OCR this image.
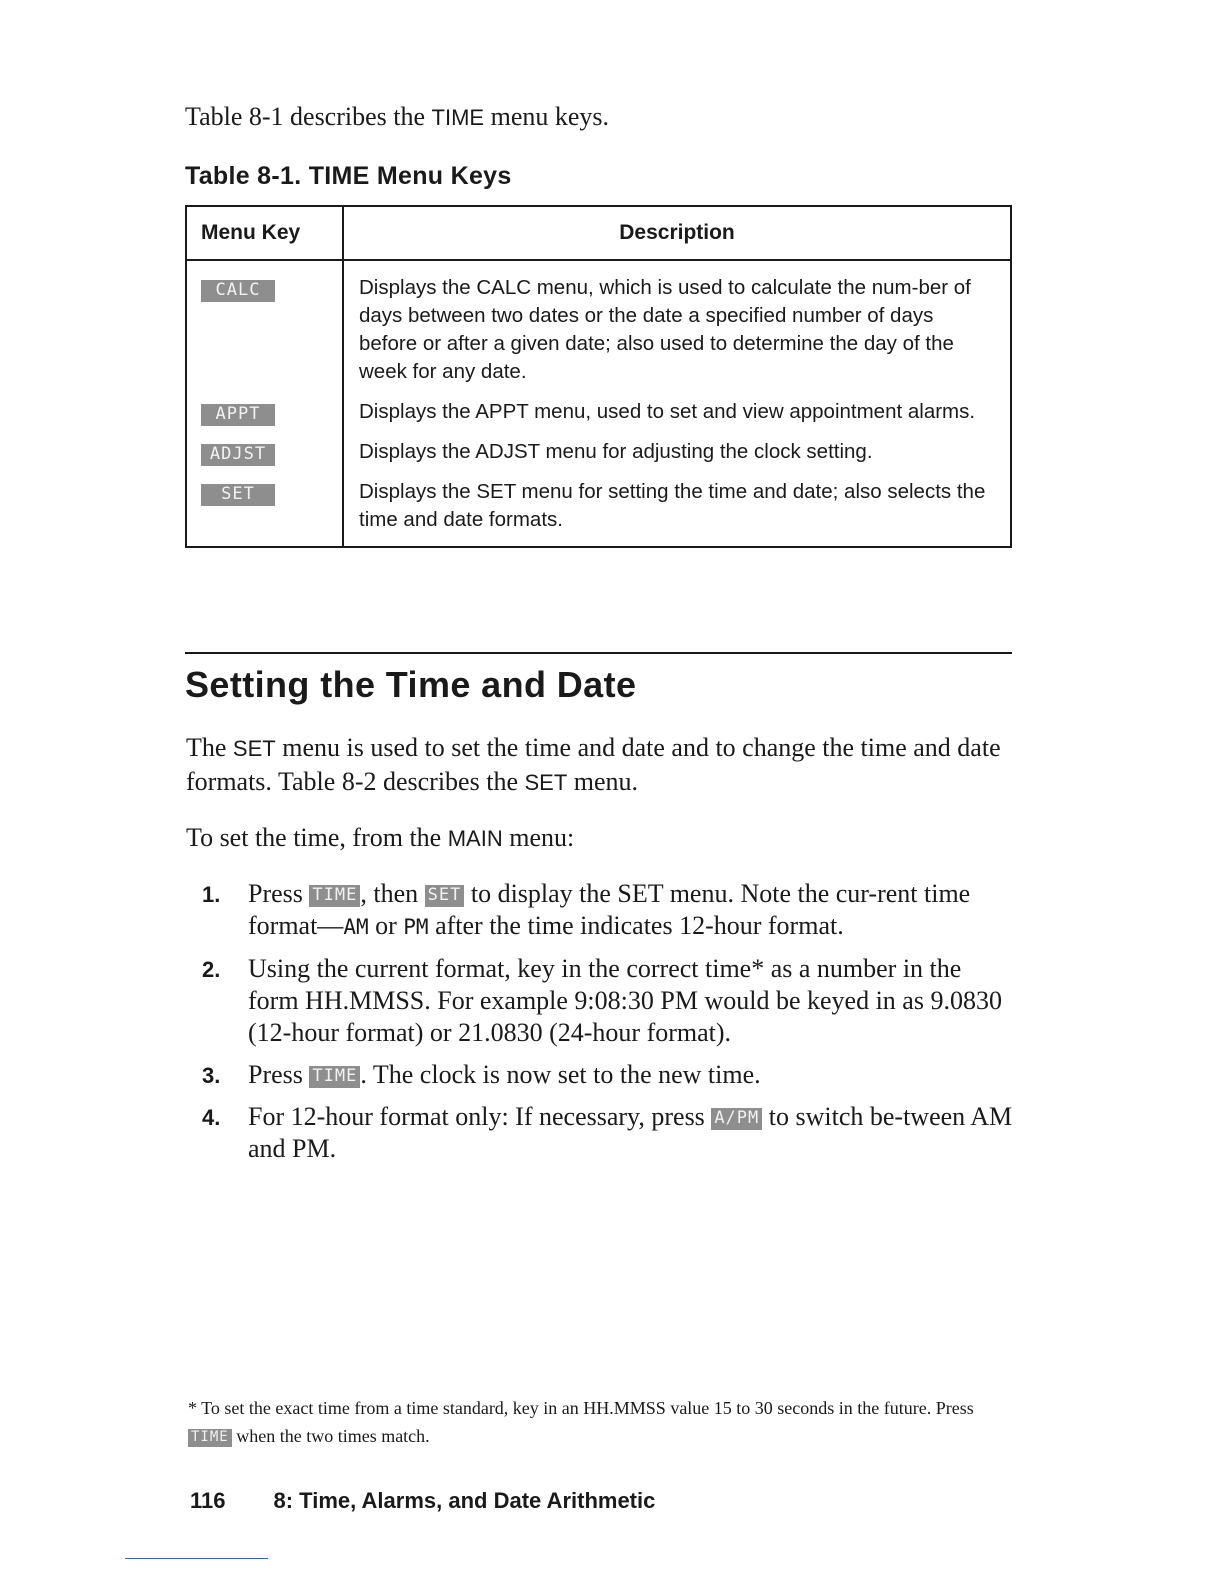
Table 8-1 describes the TIME menu keys.
Table 8-1. TIME Menu Keys
Menu Key	Description
CALC	Displays the CALC menu, which is used to calculate the num-ber of days between two dates or the date a specified number of days before or after a given date; also used to determine the day of the week for any date.
APPT	Displays the APPT menu, used to set and view appointment alarms.
ADJST	Displays the ADJST menu for adjusting the clock setting.
SET	Displays the SET menu for setting the time and date; also selects the time and date formats.
Setting the Time and Date
The SET menu is used to set the time and date and to change the time and date formats. Table 8-2 describes the SET menu.
To set the time, from the MAIN menu:
1. Press TIME , then SET to display the SET menu. Note the cur-rent time format—AM or PM after the time indicates 12-hour format.
2. Using the current format, key in the correct time* as a number in the form HH.MMSS. For example 9:08:30 PM would be keyed in as 9.0830 (12-hour format) or 21.0830 (24-hour format).
3. Press TIME . The clock is now set to the new time.
4. For 12-hour format only: If necessary, press A/PM to switch be-tween AM and PM.
* To set the exact time from a time standard, key in an HH.MMSS value 15 to 30 seconds in the future. Press TIME when the two times match.
116 8: Time, Alarms, and Date Arithmetic
